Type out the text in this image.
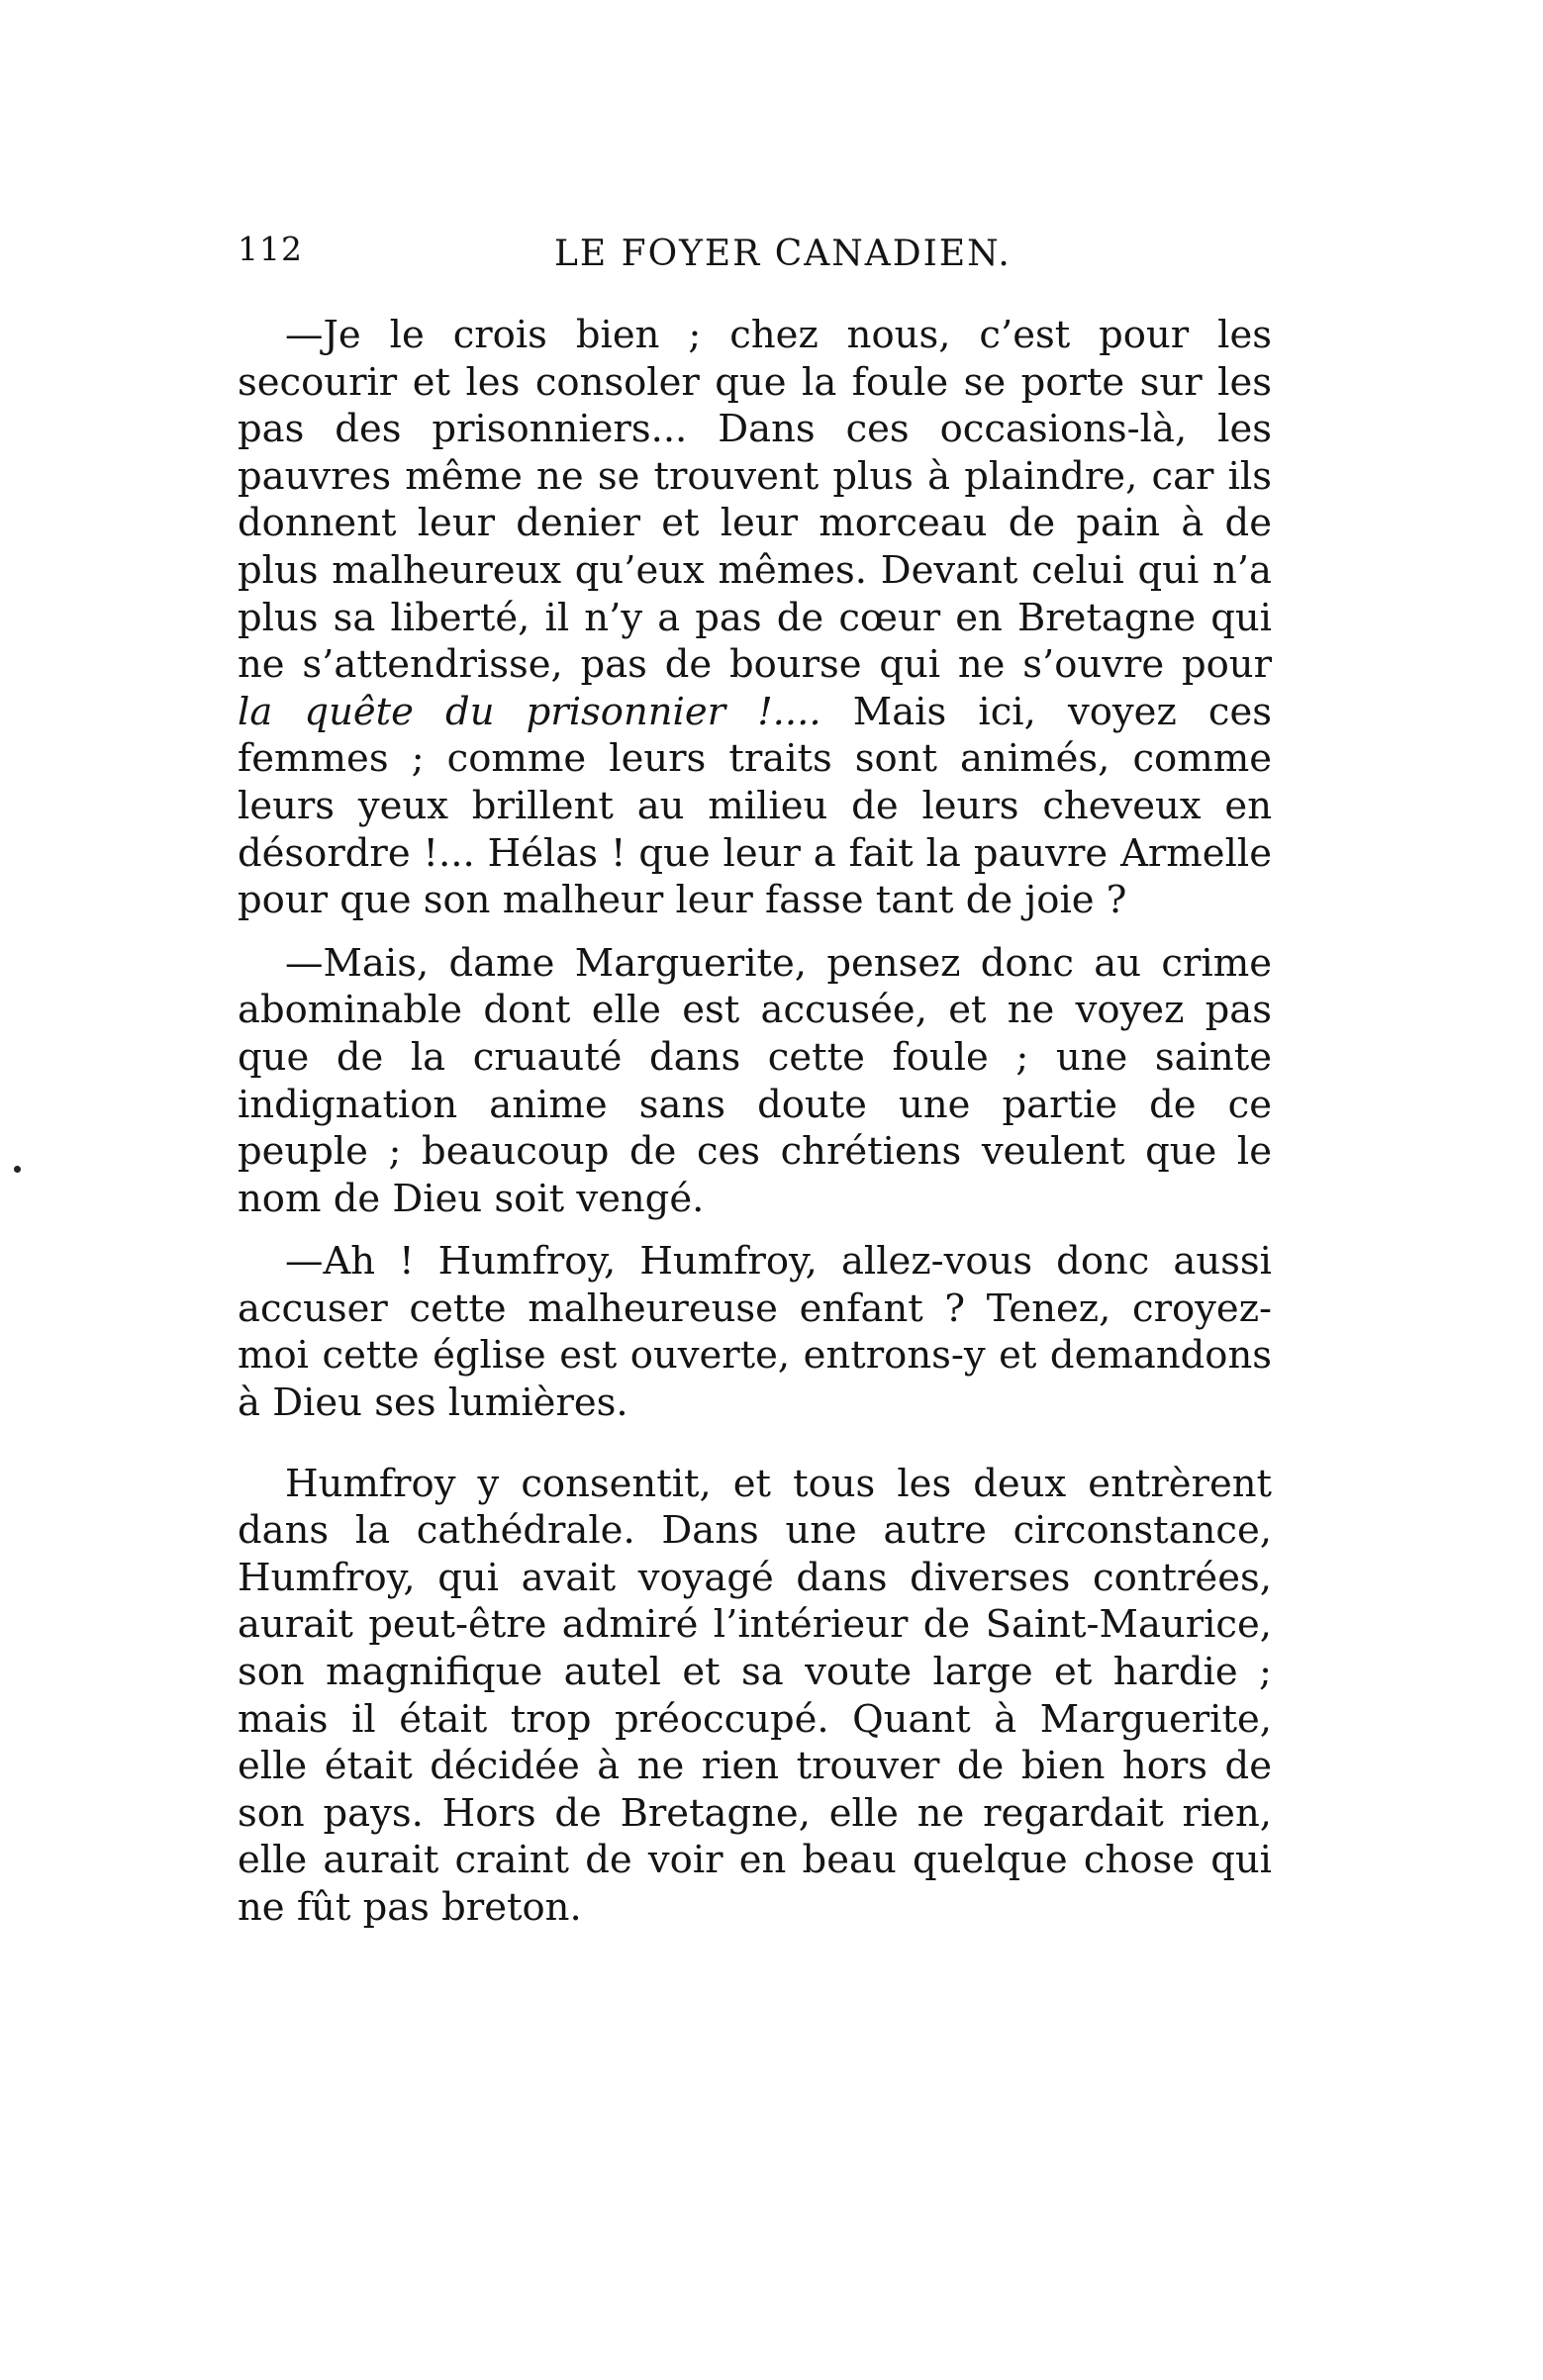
112	LE FOYER CANADIEN.

—Je le crois bien ; chez nous, c’est pour les secourir et les consoler que la foule se porte sur les pas des prisonniers... Dans ces occasions-là, les pauvres même ne se trouvent plus à plaindre, car ils donnent leur denier et leur morceau de pain à de plus malheureux qu’eux mêmes. Devant celui qui n’a plus sa liberté, il n’y a pas de cœur en Bretagne qui ne s’attendrisse, pas de bourse qui ne s’ouvre pour la quête du prisonnier !.... Mais ici, voyez ces femmes ; comme leurs traits sont animés, comme leurs yeux brillent au milieu de leurs cheveux en désordre !... Hélas ! que leur a fait la pauvre Armelle pour que son malheur leur fasse tant de joie ?

—Mais, dame Marguerite, pensez donc au crime abominable dont elle est accusée, et ne voyez pas que de la cruauté dans cette foule ; une sainte indignation anime sans doute une partie de ce peuple ; beaucoup de ces chrétiens veulent que le nom de Dieu soit vengé.

—Ah ! Humfroy, Humfroy, allez-vous donc aussi accuser cette malheureuse enfant ? Tenez, croyez-moi cette église est ouverte, entrons-y et demandons à Dieu ses lumières.

Humfroy y consentit, et tous les deux entrèrent dans la cathédrale. Dans une autre circonstance, Humfroy, qui avait voyagé dans diverses contrées, aurait peut-être admiré l’intérieur de Saint-Maurice, son magnifique autel et sa voute large et hardie ; mais il était trop préoccupé. Quant à Marguerite, elle était décidée à ne rien trouver de bien hors de son pays. Hors de Bretagne, elle ne regardait rien, elle aurait craint de voir en beau quelque chose qui ne fût pas breton.
